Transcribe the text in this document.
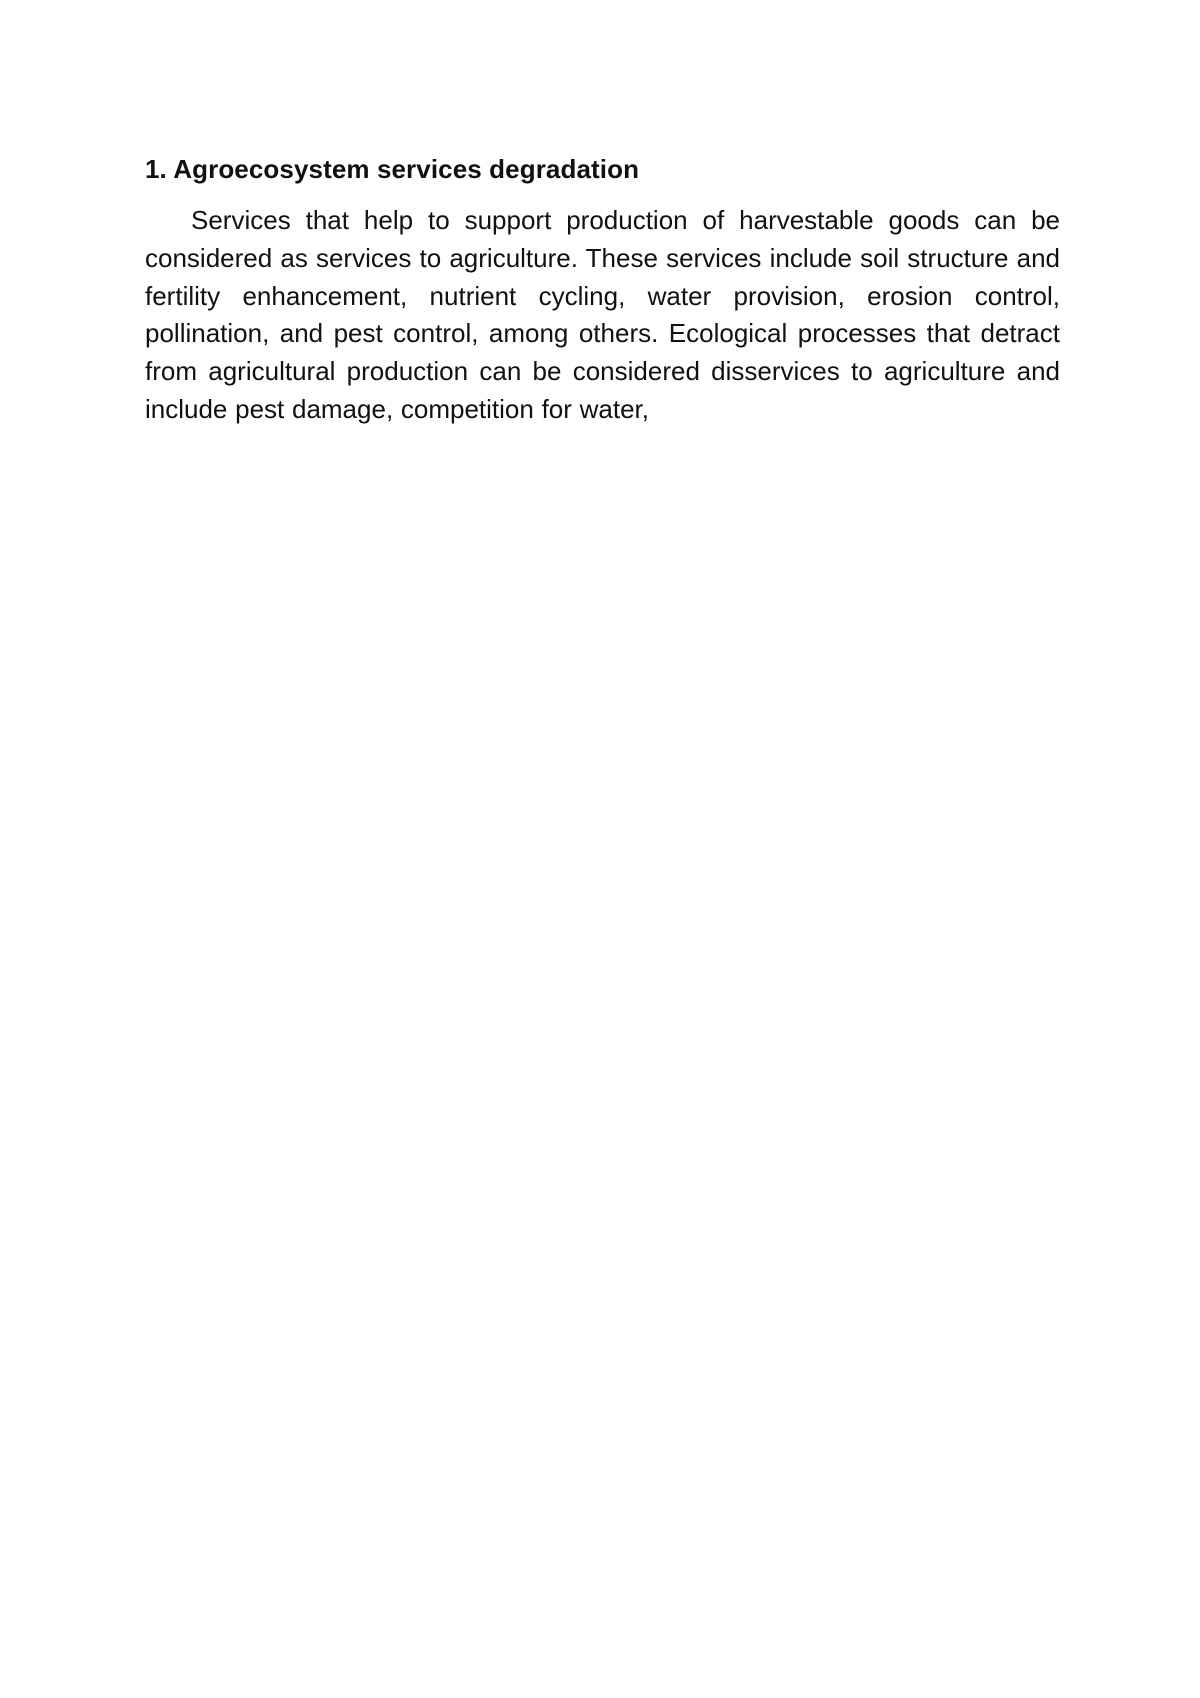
1. Agroecosystem services degradation

Services that help to support production of harvestable goods can be considered as services to agriculture. These services include soil structure and fertility enhancement, nutrient cycling, water provision, erosion control, pollination, and pest control, among others. Ecological processes that detract from agricultural production can be considered disservices to agriculture and include pest damage, competition for water,
